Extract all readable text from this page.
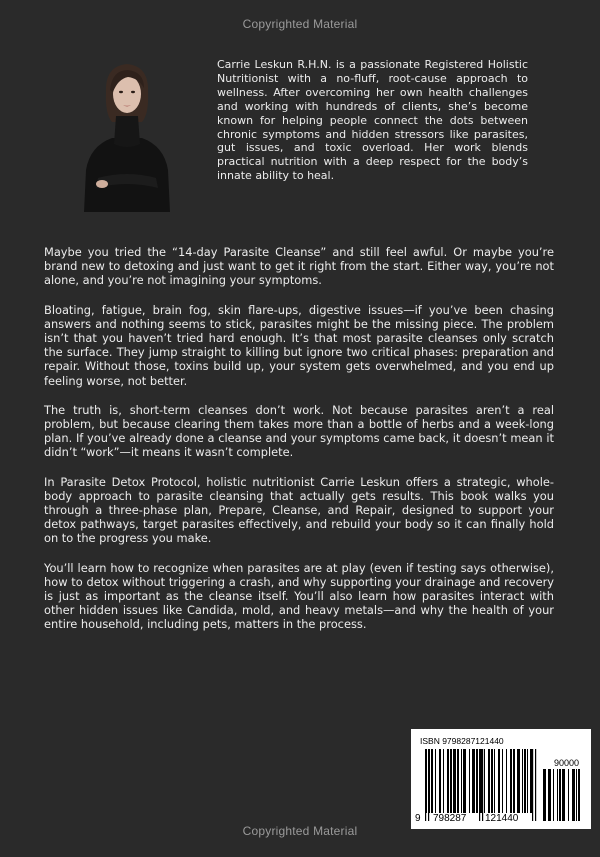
Copyrighted Material

Carrie Leskun R.H.N. is a passionate Registered Holistic Nutritionist with a no-fluff, root-cause approach to wellness. After overcoming her own health challenges and working with hundreds of clients, she’s become known for helping people connect the dots between chronic symptoms and hidden stressors like parasites, gut issues, and toxic overload. Her work blends practical nutrition with a deep respect for the body’s innate ability to heal.

Maybe you tried the “14-day Parasite Cleanse” and still feel awful. Or maybe you’re brand new to detoxing and just want to get it right from the start. Either way, you’re not alone, and you’re not imagining your symptoms.

Bloating, fatigue, brain fog, skin flare-ups, digestive issues—if you’ve been chasing answers and nothing seems to stick, parasites might be the missing piece. The problem isn’t that you haven’t tried hard enough. It’s that most parasite cleanses only scratch the surface. They jump straight to killing but ignore two critical phases: preparation and repair. Without those, toxins build up, your system gets overwhelmed, and you end up feeling worse, not better.

The truth is, short-term cleanses don’t work. Not because parasites aren’t a real problem, but because clearing them takes more than a bottle of herbs and a week-long plan. If you’ve already done a cleanse and your symptoms came back, it doesn’t mean it didn’t “work”—it means it wasn’t complete.

In Parasite Detox Protocol, holistic nutritionist Carrie Leskun offers a strategic, whole-body approach to parasite cleansing that actually gets results. This book walks you through a three-phase plan, Prepare, Cleanse, and Repair, designed to support your detox pathways, target parasites effectively, and rebuild your body so it can finally hold on to the progress you make.

You’ll learn how to recognize when parasites are at play (even if testing says otherwise), how to detox without triggering a crash, and why supporting your drainage and recovery is just as important as the cleanse itself. You’ll also learn how parasites interact with other hidden issues like Candida, mold, and heavy metals—and why the health of your entire household, including pets, matters in the process.

ISBN 9798287121440
90000
9 798287 121440
Copyrighted Material
